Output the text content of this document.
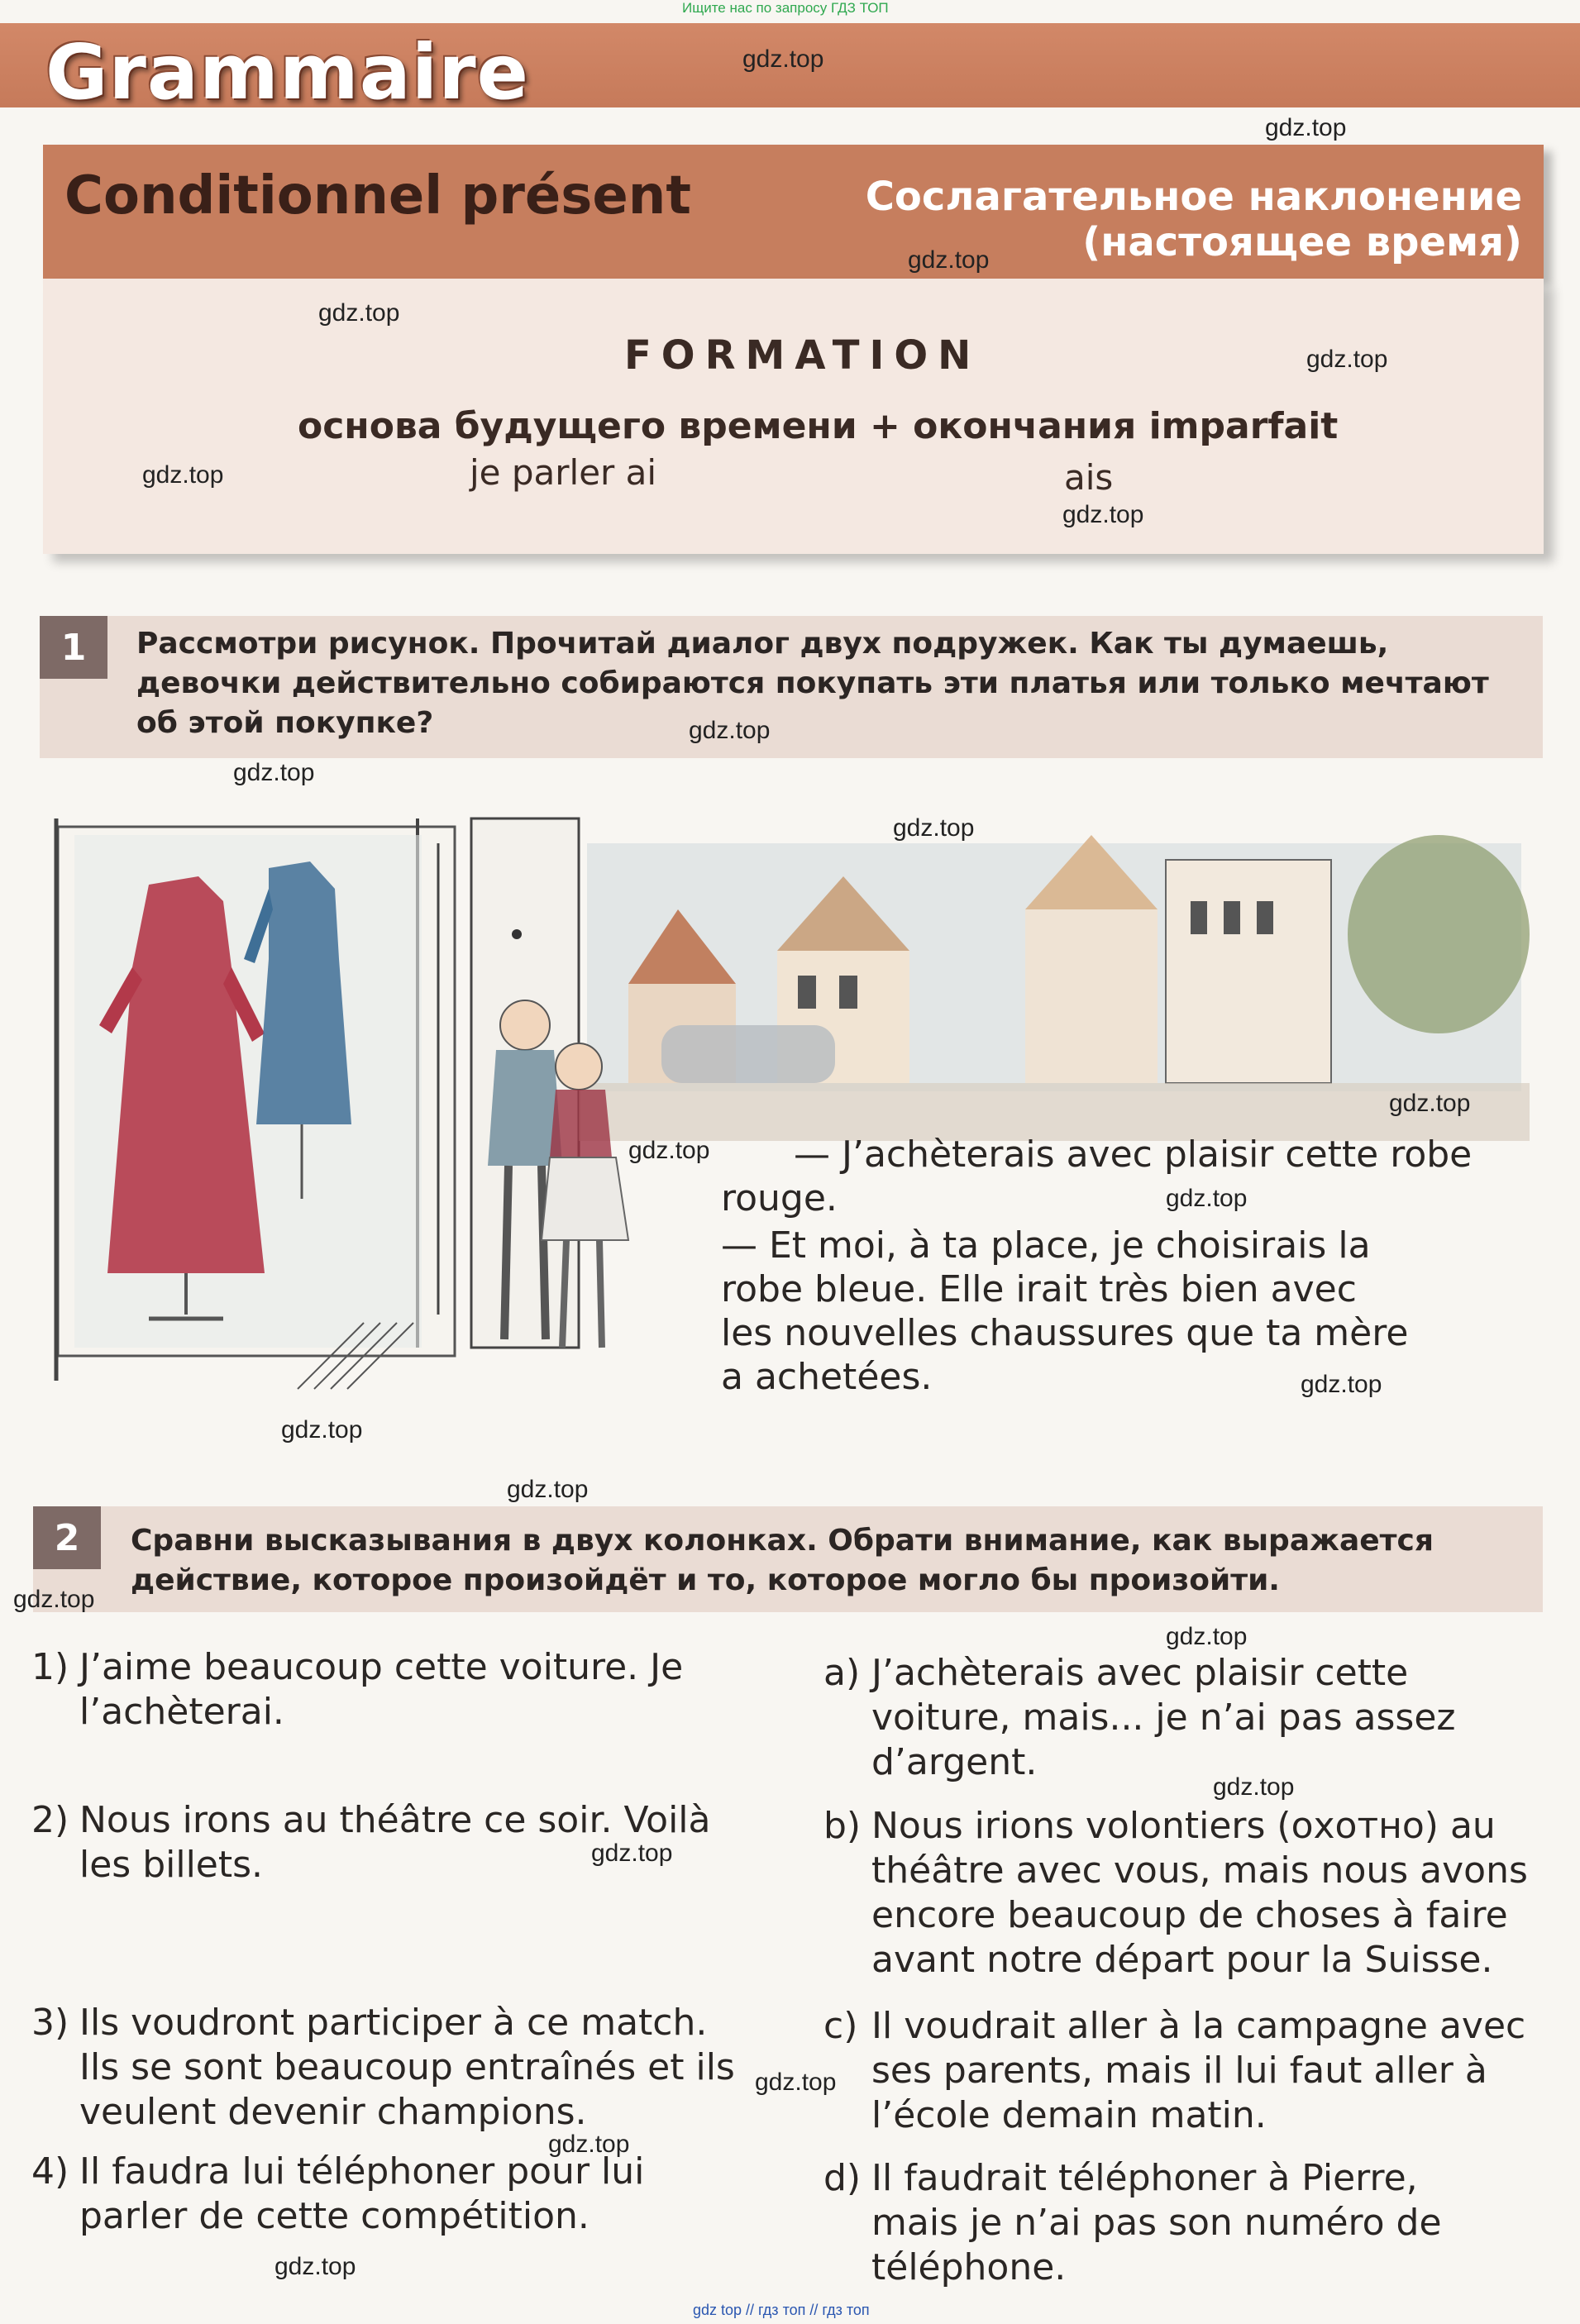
Ищите нас по запросу ГДЗ ТОП
Grammaire
Conditionnel présent	Сослагательное наклонение
(настоящее время)
FORMATION
основа будущего времени + окончания imparfait
je parler ai	ais
1	Рассмотри рисунок. Прочитай диалог двух подружек. Как ты думаешь,
девочки действительно собираются покупать эти платья или только мечтают
об этой покупке?
— J’achèterais avec plaisir cette robe
rouge.
— Et moi, à ta place, je choisirais la
robe bleue. Elle irait très bien avec
les nouvelles chaussures que ta mère
a achetées.
2	Сравни высказывания в двух колонках. Обрати внимание, как выражается
действие, которое произойдёт и то, которое могло бы произойти.
1) J’aime beaucoup cette voiture. Je
l’achèterai.
2) Nous irons au théâtre ce soir. Voilà
les billets.
3) Ils voudront participer à ce match.
Ils se sont beaucoup entraînés et ils
veulent devenir champions.
4) Il faudra lui téléphoner pour lui
parler de cette compétition.
a) J’achèterais avec plaisir cette
voiture, mais... je n’ai pas assez
d’argent.
b) Nous irions volontiers (охотно) au
théâtre avec vous, mais nous avons
encore beaucoup de choses à faire
avant notre départ pour la Suisse.
c) Il voudrait aller à la campagne avec
ses parents, mais il lui faut aller à
l’école demain matin.
d) Il faudrait téléphoner à Pierre,
mais je n’ai pas son numéro de
téléphone.
gdz.top
gdz.top
gdz.top
gdz.top
gdz.top
gdz.top
gdz.top
gdz.top
gdz.top
gdz.top
gdz.top
gdz.top
gdz.top
gdz.top
gdz.top
gdz.top
gdz.top
gdz.top
gdz.top
gdz.top
gdz.top
gdz.top
gdz.top
gdz top // гдз топ // гдз топ
